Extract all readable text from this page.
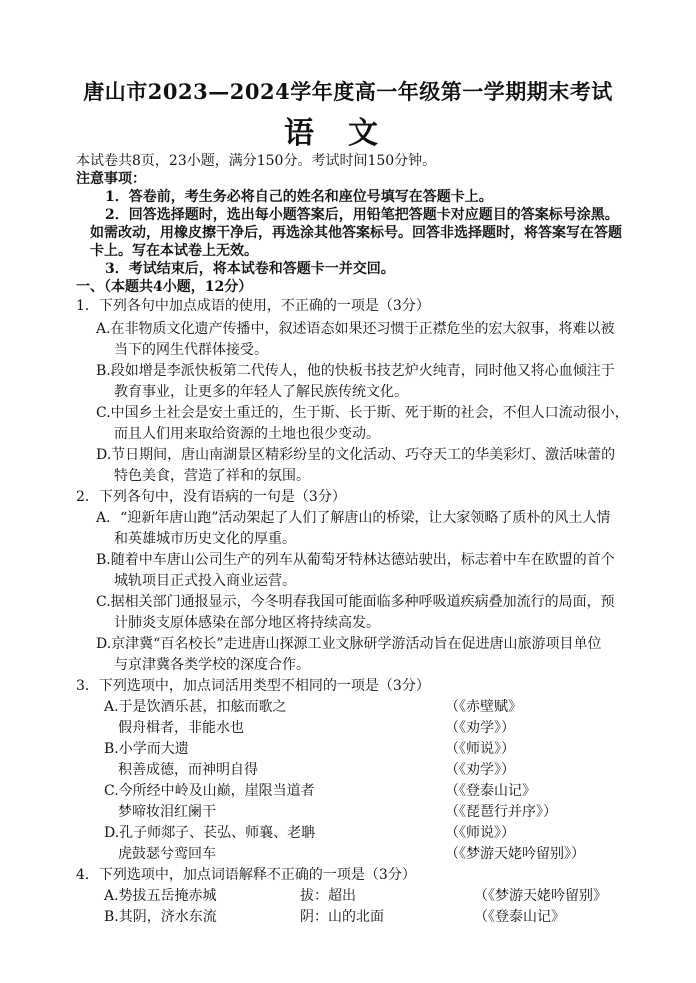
唐山市2023—2024学年度高一年级第一学期期末考试
语文
本试卷共8页，23小题，满分150分。考试时间150分钟。
注意事项：
1．答卷前，考生务必将自己的姓名和座位号填写在答题卡上。
2．回答选择题时，选出每小题答案后，用铅笔把答题卡对应题目的答案标号涂黑。
如需改动，用橡皮擦干净后，再选涂其他答案标号。回答非选择题时，将答案写在答题
卡上。写在本试卷上无效。
3．考试结束后，将本试卷和答题卡一并交回。
一、（本题共4小题，12分）
1．下列各句中加点成语的使用，不正确的一项是（3分）
A.在非物质文化遗产传播中，叙述语态如果还习惯于正襟危坐的宏大叙事，将难以被
当下的网生代群体接受。
B.段如增是李派快板第二代传人，他的快板书技艺炉火纯青，同时他又将心血倾注于
教育事业，让更多的年轻人了解民族传统文化。
C.中国乡土社会是安土重迁的，生于斯、长于斯、死于斯的社会，不但人口流动很小，
而且人们用来取给资源的土地也很少变动。
D.节日期间，唐山南湖景区精彩纷呈的文化活动、巧夺天工的华美彩灯、激活味蕾的
特色美食，营造了祥和的氛围。
2．下列各句中，没有语病的一句是（3分）
A．“迎新年唐山跑”活动架起了人们了解唐山的桥梁，让大家领略了质朴的风土人情
和英雄城市历史文化的厚重。
B.随着中车唐山公司生产的列车从葡萄牙特林达德站驶出，标志着中车在欧盟的首个
城轨项目正式投入商业运营。
C.据相关部门通报显示，今冬明春我国可能面临多种呼吸道疾病叠加流行的局面，预
计肺炎支原体感染在部分地区将持续高发。
D.京津冀“百名校长”走进唐山探源工业文脉研学游活动旨在促进唐山旅游项目单位
与京津冀各类学校的深度合作。
3．下列选项中，加点词活用类型不相同的一项是（3分）
A.于是饮酒乐甚，扣舷而歌之	（《赤壁赋》
假舟楫者，非能水也	（《劝学》）
B.小学而大遗	（《师说》）
积善成德，而神明自得	（《劝学》）
C.今所经中岭及山巅，崖限当道者	（《登泰山记》
梦啼妆泪红阑干	（《琵琶行并序》）
D.孔子师郯子、苌弘、师襄、老聃	（《师说》）
虎鼓瑟兮鸾回车	（《梦游天姥吟留别》）
4．下列选项中，加点词语解释不正确的一项是（3分）
A.势拔五岳掩赤城	拔：超出	（《梦游天姥吟留别》
B.其阴，济水东流	阴：山的北面	（《登泰山记》
